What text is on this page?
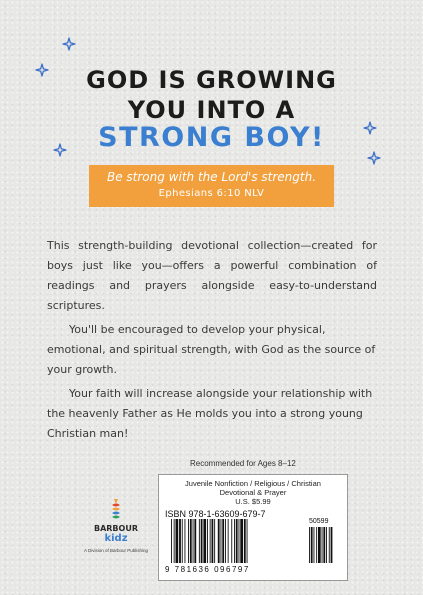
GOD IS GROWING
YOU INTO A
STRONG BOY!
Be strong with the Lord's strength.
Ephesians 6:10 NLV

This strength-building devotional collection—created for boys just like you—offers a powerful combination of readings and prayers alongside easy-to-understand scriptures.

You'll be encouraged to develop your physical, emotional, and spiritual strength, with God as the source of your growth.

Your faith will increase alongside your relationship with the heavenly Father as He molds you into a strong young Christian man!

Recommended for Ages 8–12
BARBOUR
kidz
A Division of Barbour Publishing
Juvenile Nonfiction / Religious / Christian
Devotional & Prayer
U.S. $5.99
ISBN 978-1-63609-679-7
50599
9 781636 096797
